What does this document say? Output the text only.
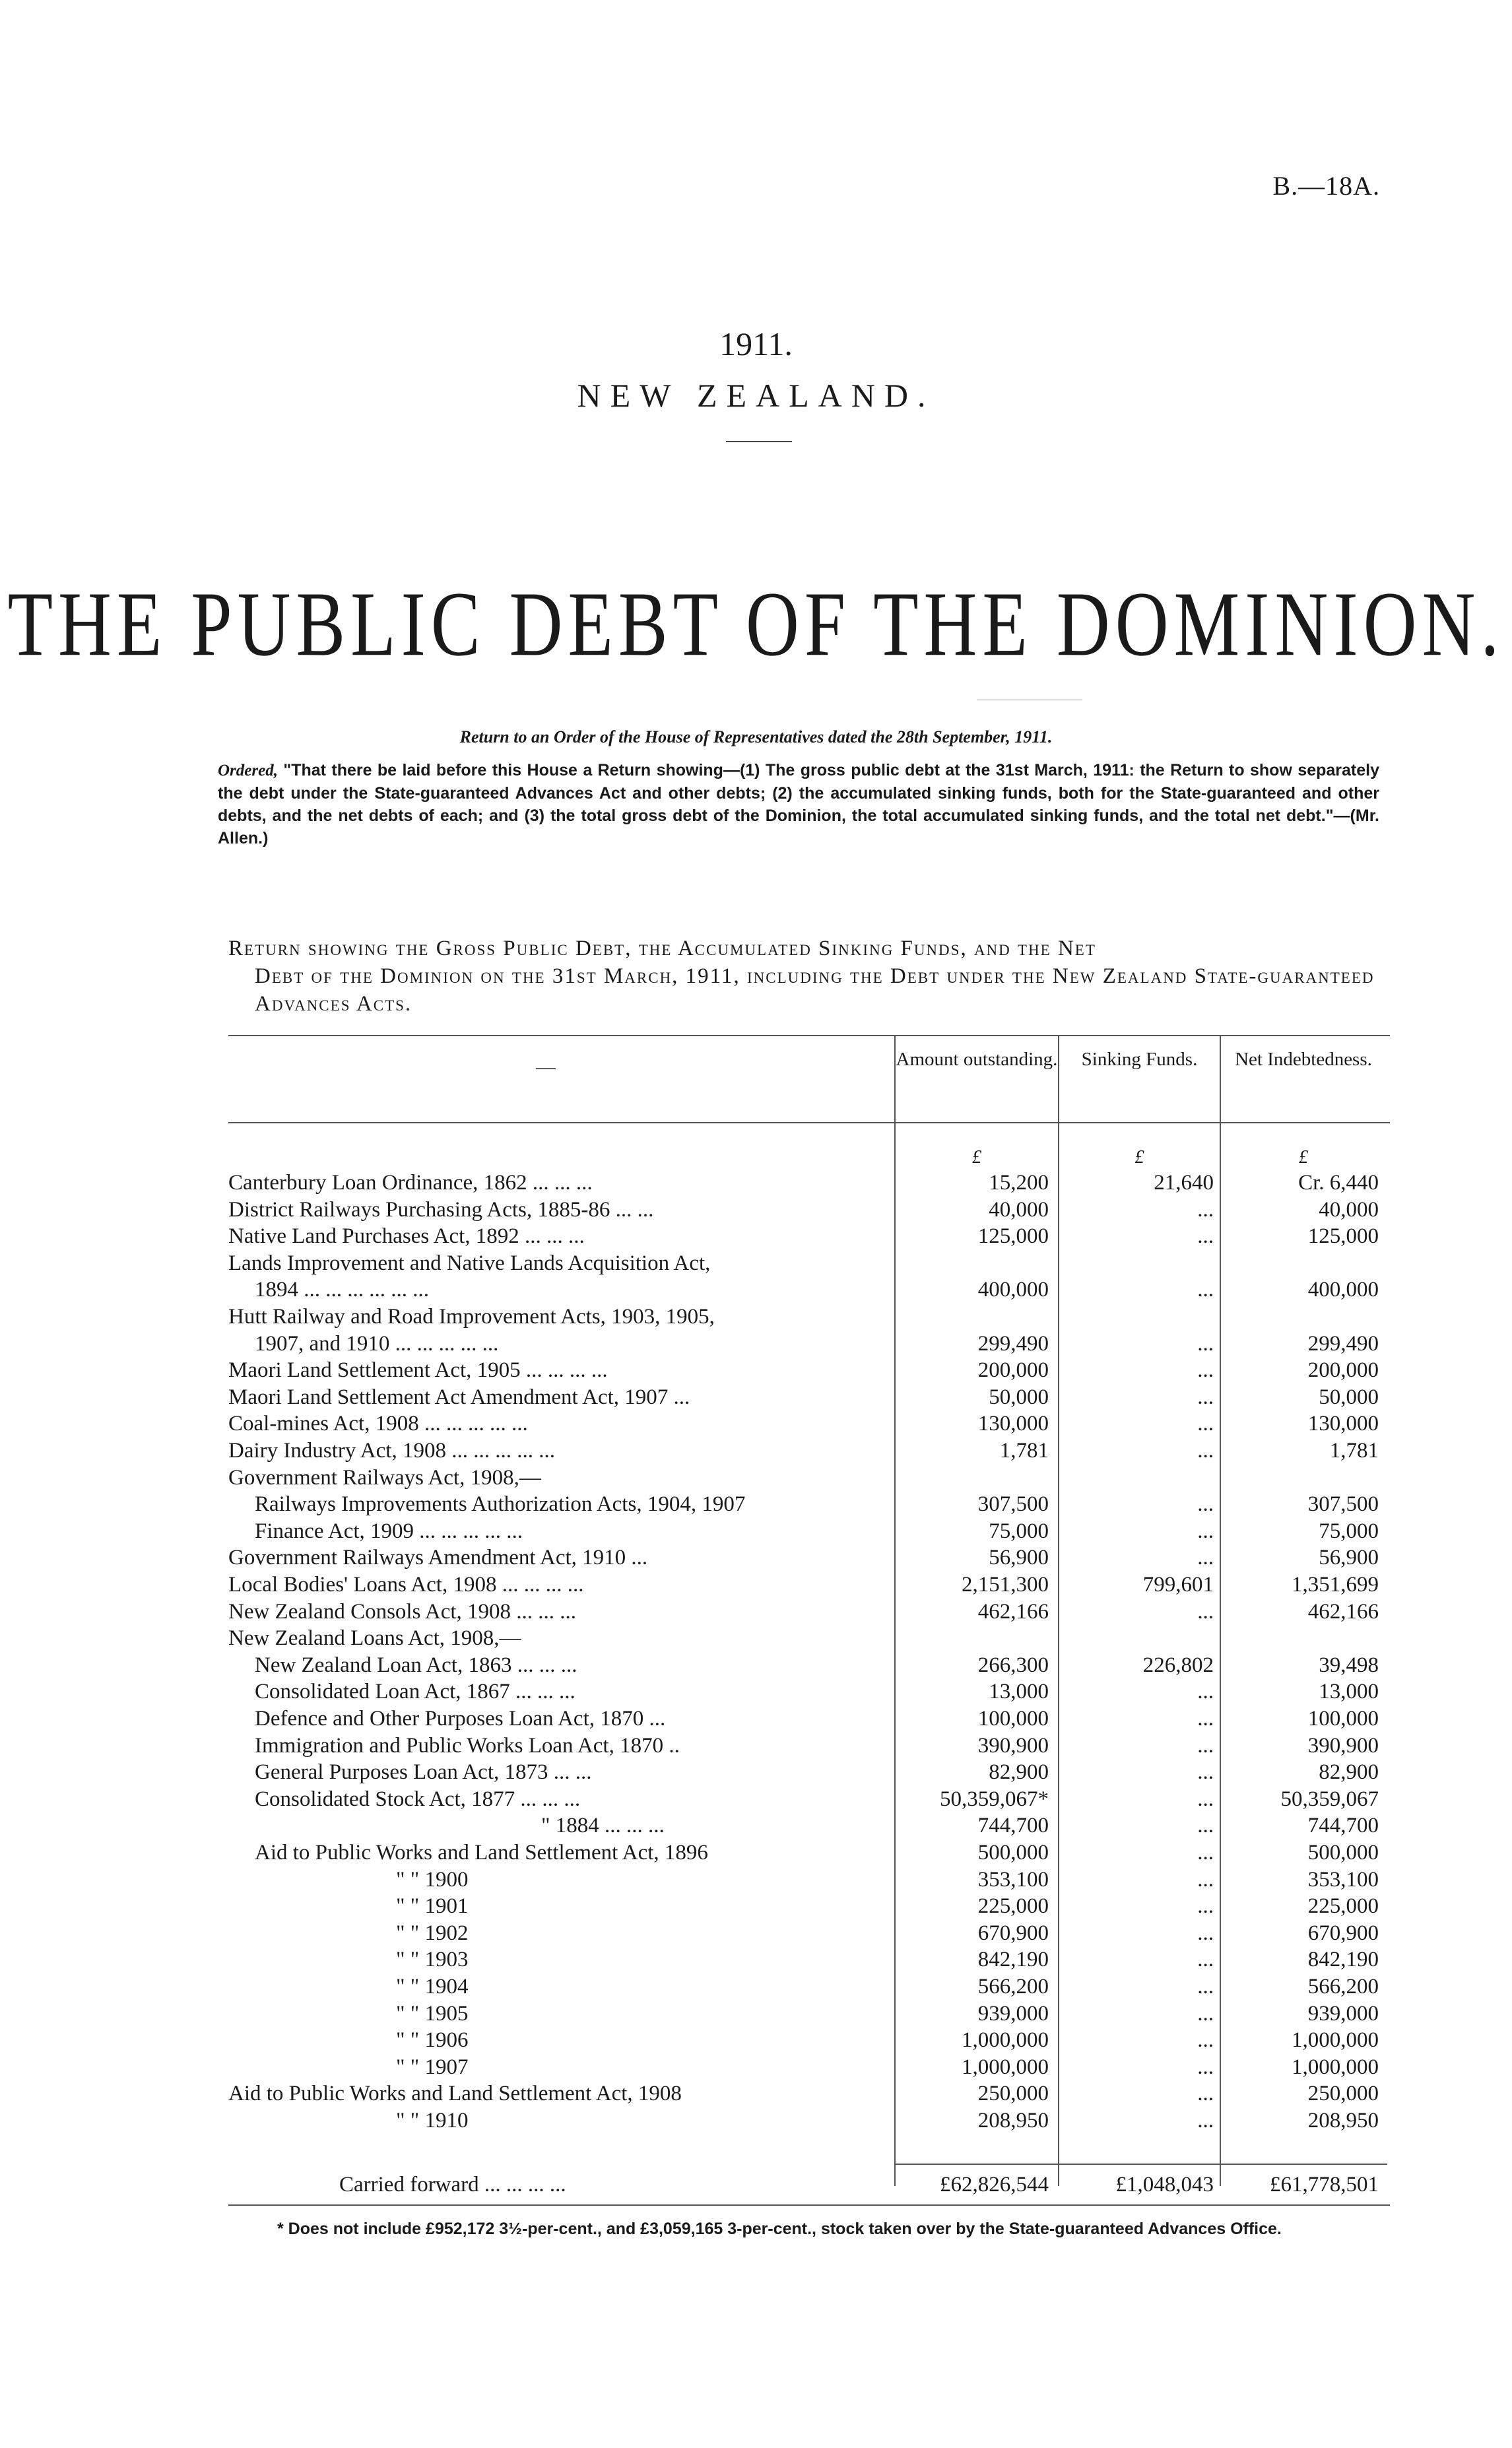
B.—18A.
1911.
NEW ZEALAND.
THE PUBLIC DEBT OF THE DOMINION.
Return to an Order of the House of Representatives dated the 28th September, 1911.
Ordered, "That there be laid before this House a Return showing—(1) The gross public debt at the 31st March, 1911: the Return to show separately the debt under the State-guaranteed Advances Act and other debts; (2) the accumulated sinking funds, both for the State-guaranteed and other debts, and the net debts of each; and (3) the total gross debt of the Dominion, the total accumulated sinking funds, and the total net debt."—(Mr. Allen.)
Return showing the Gross Public Debt, the Accumulated Sinking Funds, and the Net
Debt of the Dominion on the 31st March, 1911, including the Debt under the New Zealand State-guaranteed Advances Acts.
—	Amount outstanding.	Sinking Funds.	Net Indebtedness.
£	£	£
Canterbury Loan Ordinance, 1862 ... ... ...	15,200	21,640	Cr. 6,440
District Railways Purchasing Acts, 1885-86 ... ...	40,000	...	40,000
Native Land Purchases Act, 1892 ... ... ...	125,000	...	125,000
Lands Improvement and Native Lands Acquisition Act,
1894 ... ... ... ... ... ...	400,000	...	400,000
Hutt Railway and Road Improvement Acts, 1903, 1905,
1907, and 1910 ... ... ... ... ...	299,490	...	299,490
Maori Land Settlement Act, 1905 ... ... ... ...	200,000	...	200,000
Maori Land Settlement Act Amendment Act, 1907 ...	50,000	...	50,000
Coal-mines Act, 1908 ... ... ... ... ...	130,000	...	130,000
Dairy Industry Act, 1908 ... ... ... ... ...	1,781	...	1,781
Government Railways Act, 1908,—
Railways Improvements Authorization Acts, 1904, 1907	307,500	...	307,500
Finance Act, 1909 ... ... ... ... ...	75,000	...	75,000
Government Railways Amendment Act, 1910 ...	56,900	...	56,900
Local Bodies' Loans Act, 1908 ... ... ... ...	2,151,300	799,601	1,351,699
New Zealand Consols Act, 1908 ... ... ...	462,166	...	462,166
New Zealand Loans Act, 1908,—
New Zealand Loan Act, 1863 ... ... ...	266,300	226,802	39,498
Consolidated Loan Act, 1867 ... ... ...	13,000	...	13,000
Defence and Other Purposes Loan Act, 1870 ...	100,000	...	100,000
Immigration and Public Works Loan Act, 1870 ..	390,900	...	390,900
General Purposes Loan Act, 1873 ... ...	82,900	...	82,900
Consolidated Stock Act, 1877 ... ... ...	50,359,067*	...	50,359,067
" 1884 ... ... ...	744,700	...	744,700
Aid to Public Works and Land Settlement Act, 1896	500,000	...	500,000
" " 1900	353,100	...	353,100
" " 1901	225,000	...	225,000
" " 1902	670,900	...	670,900
" " 1903	842,190	...	842,190
" " 1904	566,200	...	566,200
" " 1905	939,000	...	939,000
" " 1906	1,000,000	...	1,000,000
" " 1907	1,000,000	...	1,000,000
Aid to Public Works and Land Settlement Act, 1908	250,000	...	250,000
" " 1910	208,950	...	208,950
Carried forward ... ... ... ...	£62,826,544	£1,048,043	£61,778,501
* Does not include £952,172 3½-per-cent., and £3,059,165 3-per-cent., stock taken over by the State-guaranteed Advances Office.
